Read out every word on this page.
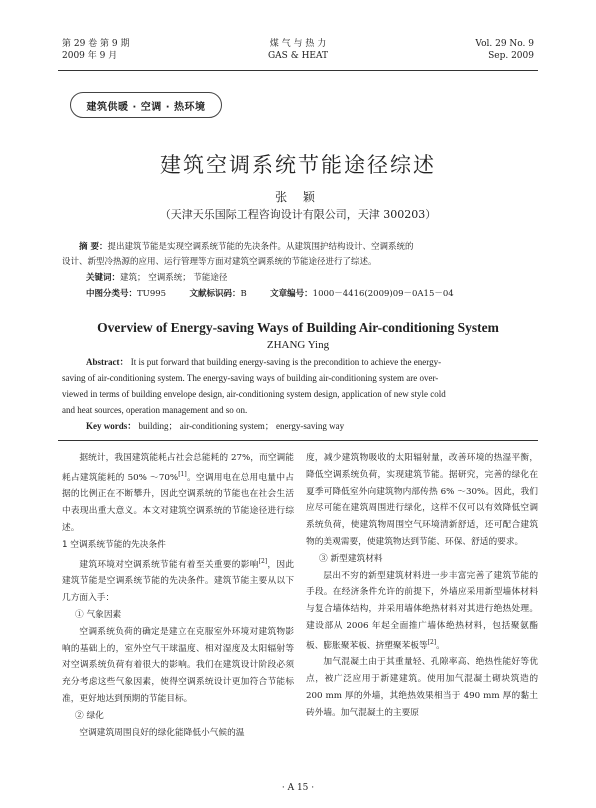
第 29 卷 第 9 期
2009 年 9 月
煤 气 与 热 力
GAS & HEAT
Vol. 29 No. 9
Sep. 2009
建筑供暖 · 空调 · 热环境
建筑空调系统节能途径综述
张 颖
（天津天乐国际工程咨询设计有限公司，天津 300203）
摘 要：提出建筑节能是实现空调系统节能的先决条件。从建筑围护结构设计、空调系统的
设计、新型冷热源的应用、运行管理等方面对建筑空调系统的节能途径进行了综述。
关键词：建筑； 空调系统； 节能途径
中图分类号：TU995	文献标识码：B	文章编号：1000－4416(2009)09－0A15－04
Overview of Energy-saving Ways of Building Air-conditioning System
ZHANG Ying
Abstract： It is put forward that building energy-saving is the precondition to achieve the energy-
saving of air-conditioning system. The energy-saving ways of building air-conditioning system are over-
viewed in terms of building envelope design, air-conditioning system design, application of new style cold
and heat sources, operation management and so on.
Key words： building； air-conditioning system； energy-saving way

据统计，我国建筑能耗占社会总能耗的 27%，而空调能耗占建筑能耗的 50% ～70%[1]。空调用电在总用电量中占据的比例正在不断攀升，因此空调系统的节能也在社会生活中表现出重大意义。本文对建筑空调系统的节能途径进行综述。

1 空调系统节能的先决条件

建筑环境对空调系统节能有着至关重要的影响[2]，因此建筑节能是空调系统节能的先决条件。建筑节能主要从以下几方面入手：

① 气象因素

空调系统负荷的确定是建立在克服室外环境对建筑物影响的基础上的，室外空气干球温度、相对湿度及太阳辐射等对空调系统负荷有着很大的影响。我们在建筑设计阶段必须充分考虑这些气象因素，使得空调系统设计更加符合节能标准，更好地达到预期的节能目标。

② 绿化

空调建筑周围良好的绿化能降低小气候的温

度，减少建筑物吸收的太阳辐射量，改善环境的热湿平衡，降低空调系统负荷，实现建筑节能。据研究，完善的绿化在夏季可降低室外向建筑物内部传热 6% ～30%。因此，我们应尽可能在建筑周围进行绿化，这样不仅可以有效降低空调系统负荷，使建筑物周围空气环境清新舒适，还可配合建筑物的美观需要，使建筑物达到节能、环保、舒适的要求。

③ 新型建筑材料

层出不穷的新型建筑材料进一步丰富完善了建筑节能的手段。在经济条件允许的前提下，外墙应采用新型墙体材料与复合墙体结构，并采用墙体绝热材料对其进行绝热处理。建设部从 2006 年起全面推广墙体绝热材料，包括聚氨酯板、膨胀聚苯板、挤塑聚苯板等[2]。

加气混凝土由于其重量轻、孔隙率高、绝热性能好等优点，被广泛应用于新建建筑。使用加气混凝土砌块筑造的 200 mm 厚的外墙，其绝热效果相当于 490 mm 厚的黏土砖外墙。加气混凝土的主要原

· A 15 ·
